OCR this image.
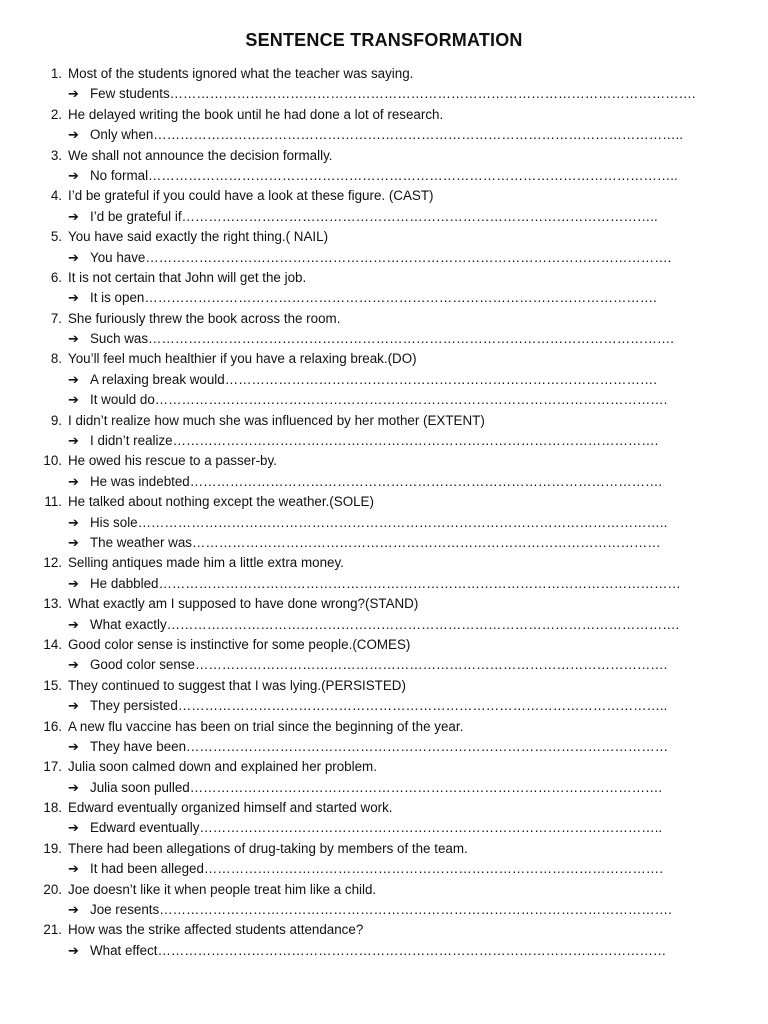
SENTENCE TRANSFORMATION
1. Most of the students ignored what the teacher was saying.
➔ Few students……………………………………………………………………………………………………….
2. He delayed writing the book until he had done a lot of research.
➔ Only when………………………………………………………………………………………………………..
3. We shall not announce the decision formally.
➔ No formal………………………………………………………………………………………………………..
4. I’d be grateful if you could have a look at these figure. (CAST)
➔ I’d be grateful if……………………………………………………………………………………………..
5. You have said exactly the right thing.( NAIL)
➔ You have……………………………………………………………………………………………………….
6. It is not certain that John will get the job.
➔ It is open…………………………………………………………………………………………………….
7. She furiously threw the book across the room.
➔ Such was……………………………………………………………………………………………………….
8. You’ll feel much healthier if you have a relaxing break.(DO)
➔ A relaxing break would…………………………………………………………………………………….
➔ It would do…………………………………………………………………………………………………….
9. I didn’t realize how much she was influenced by her mother (EXTENT)
➔ I didn’t realize……………………………………………………………………………………………….
10. He owed his rescue to a passer-by.
➔ He was indebted…………………………………………………………………………………………….
11. He talked about nothing except the weather.(SOLE)
➔ His sole………………………………………………………………………………………………………..
➔ The weather was……………………………………………………………………………………………
12. Selling antiques made him a little extra money.
➔ He dabbled………………………………………………………………………………………………………
13. What exactly am I supposed to have done wrong?(STAND)
➔ What exactly…………………………………………………………………………………………………….
14. Good color sense is instinctive for some people.(COMES)
➔ Good color sense…………………………………………………………………………………………….
15. They continued to suggest that I was lying.(PERSISTED)
➔ They persisted………………………………………………………………………………………………..
16. A new flu vaccine has been on trial since the beginning of the year.
➔ They have been………………………………………………………………………………………………
17. Julia soon calmed down and explained her problem.
➔ Julia soon pulled…………………………………………………………………………………………….
18. Edward eventually organized himself and started work.
➔ Edward eventually…………………………………………………………………………………………..
19. There had been allegations of drug-taking by members of the team.
➔ It had been alleged………………………………………………………………………………………….
20. Joe doesn’t like it when people treat him like a child.
➔ Joe resents…………………………………………………………………………………………………….
21. How was the strike affected students attendance?
➔ What effect……………………………………………………………………………………………………
